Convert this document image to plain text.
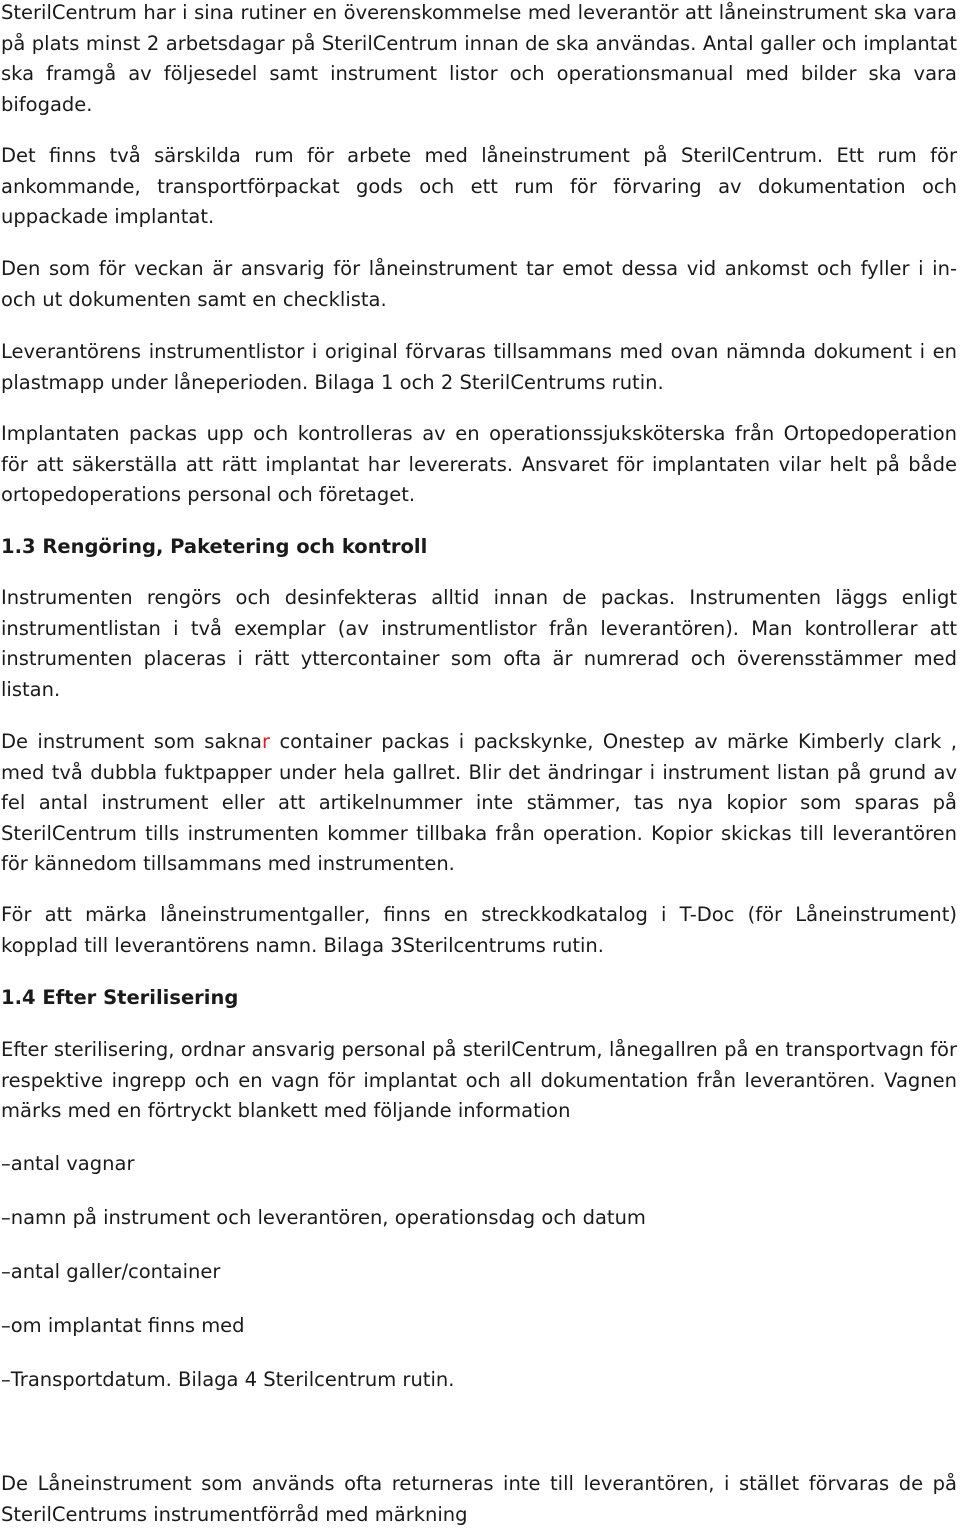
SterilCentrum har i sina rutiner en överenskommelse med leverantör att låneinstrument ska vara på plats minst 2 arbetsdagar på SterilCentrum innan de ska användas. Antal galler och implantat ska framgå av följesedel samt instrument listor och operationsmanual med bilder ska vara bifogade.

Det finns två särskilda rum för arbete med låneinstrument på SterilCentrum. Ett rum för ankommande, transportförpackat gods och ett rum för förvaring av dokumentation och uppackade implantat.

Den som för veckan är ansvarig för låneinstrument tar emot dessa vid ankomst och fyller i in- och ut dokumenten samt en checklista.

Leverantörens instrumentlistor i original förvaras tillsammans med ovan nämnda dokument i en plastmapp under låneperioden. Bilaga 1 och 2 SterilCentrums rutin.

Implantaten packas upp och kontrolleras av en operationssjuksköterska från Ortopedoperation för att säkerställa att rätt implantat har levererats. Ansvaret för implantaten vilar helt på både ortopedoperations personal och företaget.

1.3 Rengöring, Paketering och kontroll

Instrumenten rengörs och desinfekteras alltid innan de packas. Instrumenten läggs enligt instrumentlistan i två exemplar (av instrumentlistor från leverantören). Man kontrollerar att instrumenten placeras i rätt yttercontainer som ofta är numrerad och överensstämmer med listan.

De instrument som saknar container packas i packskynke, Onestep av märke Kimberly clark , med två dubbla fuktpapper under hela gallret. Blir det ändringar i instrument listan på grund av fel antal instrument eller att artikelnummer inte stämmer, tas nya kopior som sparas på SterilCentrum tills instrumenten kommer tillbaka från operation. Kopior skickas till leverantören för kännedom tillsammans med instrumenten.

För att märka låneinstrumentgaller, finns en streckkodkatalog i T-Doc (för Låneinstrument) kopplad till leverantörens namn. Bilaga 3Sterilcentrums rutin.

1.4 Efter Sterilisering

Efter sterilisering, ordnar ansvarig personal på sterilCentrum, lånegallren på en transportvagn för respektive ingrepp och en vagn för implantat och all dokumentation från leverantören. Vagnen märks med en förtryckt blankett med följande information

–antal vagnar
–namn på instrument och leverantören, operationsdag och datum
–antal galler/container
–om implantat finns med
–Transportdatum. Bilaga 4 Sterilcentrum rutin.

De Låneinstrument som används ofta returneras inte till leverantören, i stället förvaras de på SterilCentrums instrumentförråd med märkning
